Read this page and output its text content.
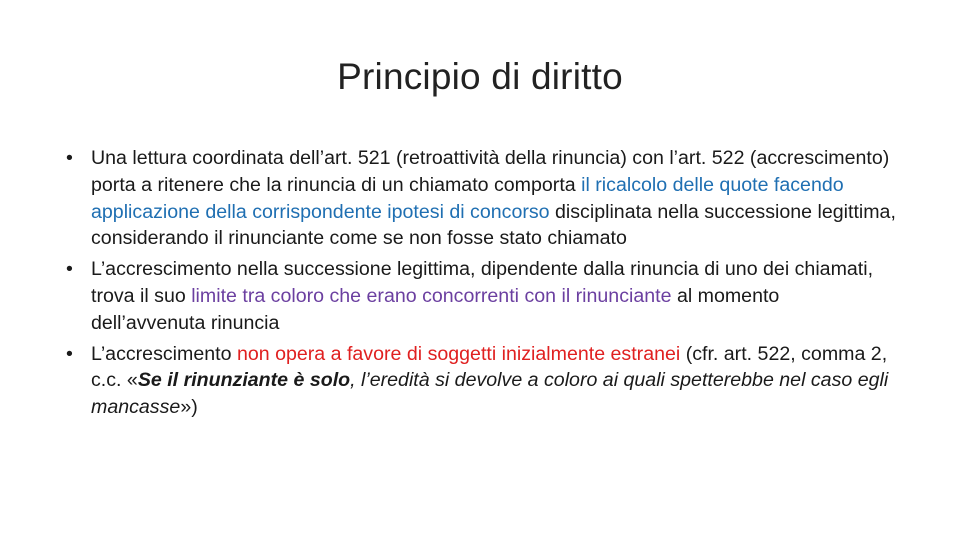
Principio di diritto
• Una lettura coordinata dell’art. 521 (retroattività della rinuncia) con l’art. 522 (accrescimento) porta a ritenere che la rinuncia di un chiamato comporta il ricalcolo delle quote facendo applicazione della corrispondente ipotesi di concorso disciplinata nella successione legittima, considerando il rinunciante come se non fosse stato chiamato
• L’accrescimento nella successione legittima, dipendente dalla rinuncia di uno dei chiamati, trova il suo limite tra coloro che erano concorrenti con il rinunciante al momento dell’avvenuta rinuncia
• L’accrescimento non opera a favore di soggetti inizialmente estranei (cfr. art. 522, comma 2, c.c. «Se il rinunziante è solo, l’eredità si devolve a coloro ai quali spetterebbe nel caso egli mancasse»)
